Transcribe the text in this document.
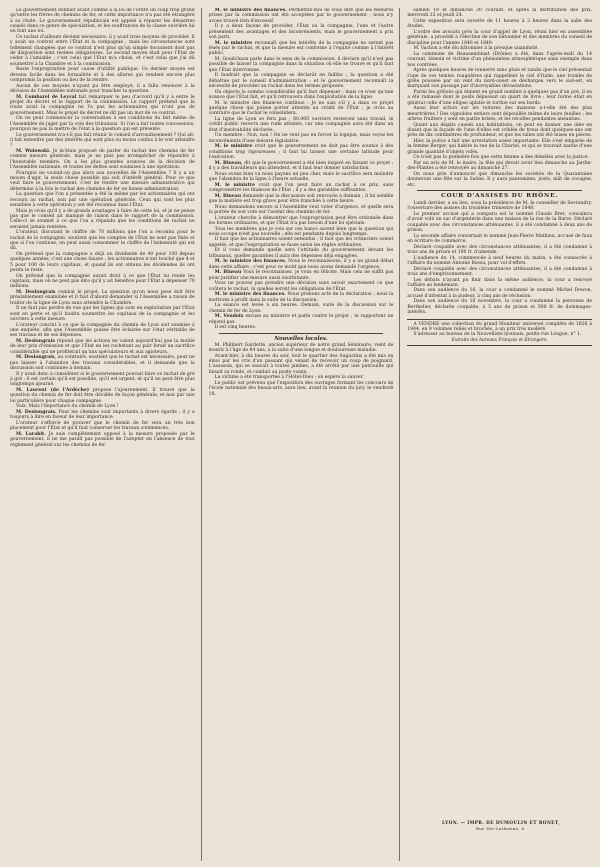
Le gouvernement donnait avant comme à la loi de l'ordre un coup trop grand qu'entre les frères de chemins de fer, et cette importance n'a pas été étrangère à sa chute. Le gouvernement républicain est appelé à réparer les désastres causés dans ce genre de spéculation, et les souffrances de la classe ouvrière lui en font une loi.

Ce rachat d'ailleurs devient nécessaire, il y avait trois moyens de procéder. Il y avait un contrat entre l'État et la compagnie ; mais les circonstances sont tellement changées que ce contrat n'est plus qu'un simple document dont pas de disposition sont restées obligatoires. Le second moyen était pour l'État de céder à l'amiable ; c'est celui que l'État m'a choisi, et c'est celui que j'ai dû soumettre à la Chambre et à la commission.

Reste l'expropriation pour cause d'utilité publique. Ce dernier moyen est devenu facile dans les formalités et à des allures qui rendent encore plus compromis la position ou lieu de la rendre.

Aucun de ces moyens n'ayant pu être employé, il a fallu renoncer à la décision de l'Assemblée nationale pour trancher la question.

M. Combarel de Leyval fait remarquer le peu d'accord qu'il y a entre le projet du décret et le rapport de la commission. Le rapport prétend que la route avait la compagnie ne l'a pas les actionnaires qui n'ont pas de gouvernement. Mais le projet de décret ne dit pas un mot de ce contrat.

On ne peut commencer la conversation à ses conditions du fait même de l'Assemblée de juger par la voie des tribunaux. Si l'on a fait toutes concessions, pourquoi ne pas la mettre de l'état à la question qui est présente.

Le gouvernement n'a-t-il pas fait réunir le conseil d'arrondissement ? Qui ait-il fait entendre par des intérêts qui sont plus ou moins confus à le voir attendre ?

M. Wolowski. Je m'étais proposé de parler du rachat des chemins de fer comme mesure générale, mais je ne puis pas m'empêcher de répondre à l'honorable membre. On a les plus grandes avances de la décision de l'Assemblée nationale, et toutes les dettes sont soumises à une opération.

Pourquoi ne voulait-on pas alors aux nouvelles de l'Assemblée ? Il y a un moyen d'agir, la seule chose possible qui soit d'intérêt général. Pour ce que veut faire le gouvernement, c'est de rendre une mesure administrative qui détermine à la fois le rachat des chemins de fer en bonne administration.

La question que l'on a présentée a été la même par les actionnaires qui ont recours au rachat, non par une opération générale. Ceux qui sont les plus sensibles à cette opération y ont été reconnus dans l'État.

Mais je crois qu'il y a de grands avantages à faire de cette loi, et je ne pense pas que le conseil ait manqué de raison dans le rapport de la commission. Celle-ci se soumet à ce que l'on a répandu que les conditions de rachat ne seraient jamais rentrées.

L'orateur, discutant le chiffre de 70 millions que l'on a reconnu pour le rachat de la compagnie, soutient que les comptes de l'État ne sont pas fixés et que si l'on continue, on peut aussi consommer le chiffre de l'indemnité qui est dû.

On prétend que la compagnie a déjà un dividende de 40 pour 100 depuis quelques années, c'est une chose fausse ; les actionnaires n'ont touché que 4 et 5 pour 100 de leurs capitaux, et quand ils ont obtenu les dividendes ils ont perdu le reste.

On prétend que la compagnie aurait droit à ce que l'État lui rende les capitaux, mais on ne peut pas dire qu'il y ait bénéfice pour l'État à dépenser 70 millions.

M. Deslongrais combat le projet. La question qu'on nous pose doit être préalablement examinée et il faut d'abord demander si l'Assemblée a raison de traiter de la ligne de Lyon sans attendre la Chambre.

Il ne faut pas perdre de vue que les lignes qui sont en exploitation par l'État sont en perte et qu'il faudra soumettre les capitaux de la compagnie et les ouvriers à cette mesure.

L'orateur conclut à ce que la compagnie du chemin de Lyon soit soumise à une enquête, afin que l'Assemblée puisse être éclairée sur l'état véritable de ses travaux et de ses dépenses.

M. Deslongrais répond que les actions ne valent aujourd'hui que la moitié de leur prix d'émission et que l'État en les rachetant au pair ferait un sacrifice considérable qui ne profiterait qu'aux spéculateurs et aux agioteurs.

M. Deslongrais, au contraire, soutient que le rachat est nécessaire, pour ne pas laisser à l'abandon des travaux considérables, et il demande que la discussion soit continuée à demain.

Il y avait donc à considérer si le gouvernement pouvait faire ce rachat de gré à gré ; il est certain qu'il est possible, qu'il est urgent, et qu'il ne peut être plus longtemps ajourné.

M. Laurent (de l'Ardèche) propose l'ajournement. Il trouve que la question du chemin de fer doit être décidée de façon générale, et non par une loi particulière pour chaque compagnie.

Voix. Mais l'importance du chemin de Lyon !

M. Deslongrais. Pour les chemins sont importants à divers égards ; il y a toujours à dire en faveur de leur importance.

L'orateur s'efforce de prouver que le chemin de fer sera un très bon placement pour l'État et qu'il faut conserver les travaux commencés.

M. Larabit. Je suis complètement opposé à la mesure proposée par le gouvernement, il ne me paraît pas possible de l'adopter en l'absence de tout règlement général sur les chemins de fer.

M. le ministre des finances. Permettez-moi de vous dire que les mesures prises par la commission ont été acceptées par le gouvernement ; nous n'y avons trouvé rien d'excessif.

Il y a deux façons de procéder, l'État ou la compagnie, l'une et l'autre présentent des avantages et des inconvénients, mais le gouvernement a pris son parti.

M. le ministre reconnaît que les intérêts de la compagnie ne seront pas lésés par le rachat, et que la mesure est conforme à l'équité comme à l'intérêt public.

M. Goudchaux parle dans le sens de la commission, il déclare qu'il n'est pas possible de laisser la compagnie dans la situation où elle se trouve et qu'il faut que l'État intervienne.

Il faudrait que la compagnie se déclarât en faillite ; la question a été débattue par le conseil d'administration ; et le gouvernement reconnaît la nécessité de procéder au rachat dans les termes proposés.

On objecte la somme considérable qu'il faut dépenser ; mais ce n'est qu'une avance que l'État fait, et qu'il retrouvera dans l'exploitation de la ligne.

M. le ministre des finances continue : Je ne sais s'il y a dans ce projet quelque chose qui puisse porter atteinte au crédit de l'État ; je crois au contraire que le rachat le consolidera.

La ligne de Lyon se fera pas ; 60,000 ouvriers resteront sans travail, le crédit public recevra une rude atteinte, car une compagnie aura été dans un état d'insolvabilité déclarée.

Un membre : Non, non ! On ne veut pas en forcer la logique, mais voyez les inconvénients d'une mesure législative.

M. le ministre croit que le gouvernement ne doit pas être soumis à des conditions trop rigoureuses ; il faut lui laisser une certaine latitude pour l'exécution.

M. Bineau, dit que le gouvernement a été bien inspiré en faisant ce projet ; il y a des travailleurs qui attendent, et il faut leur donner satisfaction.

Nous avons bien vu nous payons un peu cher, mais le sacrifice sera moindre que l'abandon de la ligne à l'heure actuelle.

M. le ministre croit que l'on peut faire un rachat à ce prix, sans compromettre les finances de l'État ; il y a des garanties suffisantes.

M. Bineau demande que la discussion soit renvoyée à demain ; il lui semble que la matière est trop grave pour être tranchée à cette heure.

Nous demandons encore si l'Assemblée veut voter d'urgence, et quelle sera la portée de son vote sur l'avenir des chemins de fer.

L'orateur cherche à démontrer que l'expropriation peut être ordonnée dans les formes ordinaires, et que l'État n'a pas besoin d'une loi spéciale.

Tous les membres que je vois sur ces bancs savent bien que la question qui nous occupe n'est pas nouvelle ; elle est pendante depuis longtemps.

Il faut que les actionnaires soient entendus ; il faut que les créanciers soient appelés, et que l'expropriation se fasse selon les règles ordinaires.

Et il vous demande quelle sera l'attitude du gouvernement devant les tribunaux, quelles garanties il aura des dépenses déjà engagées.

M. le ministre des finances. Nous le reconnaissons, il y a un grand débat dans cette affaire ; c'est pour ce motif que nous avons demandé l'urgence.

M. Bineau Vous le reconnaissez, je vous en félicite. Mais cela ne suffit pas pour justifier une mesure aussi exorbitante.

Vous ne pouvez pas prendre une décision sans savoir exactement ce que coûtera le rachat, ni quelles seront les obligations de l'État.

M. le ministre des finances. Nous prenons acte de la déclaration ; nous la mettrons à profit dans la suite de la discussion.

La séance est levée à six heures. Demain, suite de la discussion sur le chemin de fer de Lyon.

M. Vendoix excuse au ministre et parle contre le projet ; le rapporteur ne répond pas.

Il est cinq heures.

Nouvelles locales.

M. Philibert Gardette, ancien supérieur de notre grand Séminaire, vient de mourir à l'âge de 84 ans, à la suite d'une longue et douloureuse maladie.

Avant-hier, à dix heures du soir, tout le quartier des Augustins a été mis en émoi par les cris d'un passant qui venait de recevoir un coup de poignard. L'assassin, qui se sauvait à toutes jambes, a été arrêté par une patrouille qui faisait sa ronde, et conduit au poste voisin.

La victime a été transportée à l'Hôtel-Dieu ; on espère la sauver.

Le public est prévenu que l'exposition des ouvrages formant les concours de l'école nationale des beaux-arts, aura lieu, avant la réunion du jury, le vendredi 18.

samedi 19 et dimanche 20 courant, et après la distribution des prix, mercredi 23 et jeudi 24.

Cette exposition sera ouverte de 11 heures à 3 heures dans la salle des études.

L'ordre des avocats près la cour d'appel de Lyon, réuni hier en assemblée générale, a procédé à l'élection de son bâtonnier et des membres du conseil de discipline pour l'année 1848 et 1849.

M. Vachon a été élu bâtonnier à la presque unanimité.

La commune de Beausemblant (Drôme) a été, dans l'après-midi du 14 courant, témoin et victime d'un phénomène atmosphérique sans exemple dans nos contrées.

Après quelques heures de tonnerre sans pluie et tandis que le ciel présentait l'une de ces teintes rougeâtres qui rappellent le ciel d'Italie, une trombe de grêle poussée par un vent du nord-ouest se déchargea vers le sud-est, en marquant son passage par d'incroyables dévastations.

Parmi les grêlons qui étaient en grand nombre à quelques pas d'un pré, il en a été ramassé dont le poids dépassait un quart de livre ; leur forme était en général celle d'une ellipse aplatie et tordue sur ses bords.

Aussi leur action sur les toitures des maisons a-t-elle été des plus meurtrières ! Des vignobles entiers sont dépouillés même de leurs feuilles ; les arbres fruitiers y sont en partie brisés, et les récoltes pendantes anéanties.

Quant aux dégâts causés aux habitations, on peut en donner une idée en disant que la façade de l'une d'elles est criblée de trous dont quelques-uns ont près de dix centimètres de profondeur, et que les tuiles ont été mises en pièces.

Hier, la police a fait une arrestation assez importante. Elle s'est emparée de la femme Berger, qui habite la rue de la Charité, et qui se trouvait nantie d'une grande quantité d'objets volés.

Ce n'est pas la première fois que cette femme a des démêlés avec la justice.

Par un avis de M. le maire, la fête qui devait avoir lieu dimanche au Jardin-des-Plantes a été renvoyée au dimanche 27.

On nous prie d'annoncer que dimanche les sociétés de la Quarantaine donneront une fête sur la Saône. Il y aura pantomime, joute, mât de cocagne, etc.

COUR D'ASSISES DU RHÔNE.

Lundi dernier, a eu lieu, sous la présidence de M. le conseiller de Sevrandry, l'ouverture des assises du troisième trimestre de 1848.

Le premier accusé qui a comparu est le nommé Claude Bret, convaincu d'avoir volé un sac d'argenterie dans une maison de la rue de la Barre. Déclaré coupable avec des circonstances atténuantes, il a été condamné à deux ans de prison.

La seconde affaire concernait le nommé Jean-Pierre Mathieu, accusé de faux en écriture de commerce.

Déclaré coupable avec des circonstances atténuantes, il a été condamné à trois ans de prison et 100 fr. d'amende.

L'audience du 14, commencée à neuf heures du matin, a été consacrée à l'affaire du nommé Antoine Bossu, pour vol d'effets.

Déclaré coupable avec des circonstances atténuantes, il a été condamné à trois ans d'emprisonnement.

Les débats n'ayant pu finir dans la même audience, la cour a renvoyé l'affaire au lendemain.

Dans son audience du 16, la cour a condamné le nommé Michel Dewon, accusé d'attentat à la pudeur, à cinq ans de réclusion.

Dans son audience du 18 novembre, la cour a condamné la personne de Berthelier, déclarée coupable, à 5 ans de prison et 500 fr. de dommages-intérêts.

A VENDRE une collection du grand Moniteur universel complète de 1826 à 1844, en 9 volumes reliés et brochés, à un prix très modéré.

S'adresser au bureau de la Nouvelliste lyonnais, petite rue Longue, n° 1.

Extraits des bureaux Français et Étrangers.
LYON. — IMPR. DE DUMOULIN ET RONET,
Rue Ste-Catherine, 6.
